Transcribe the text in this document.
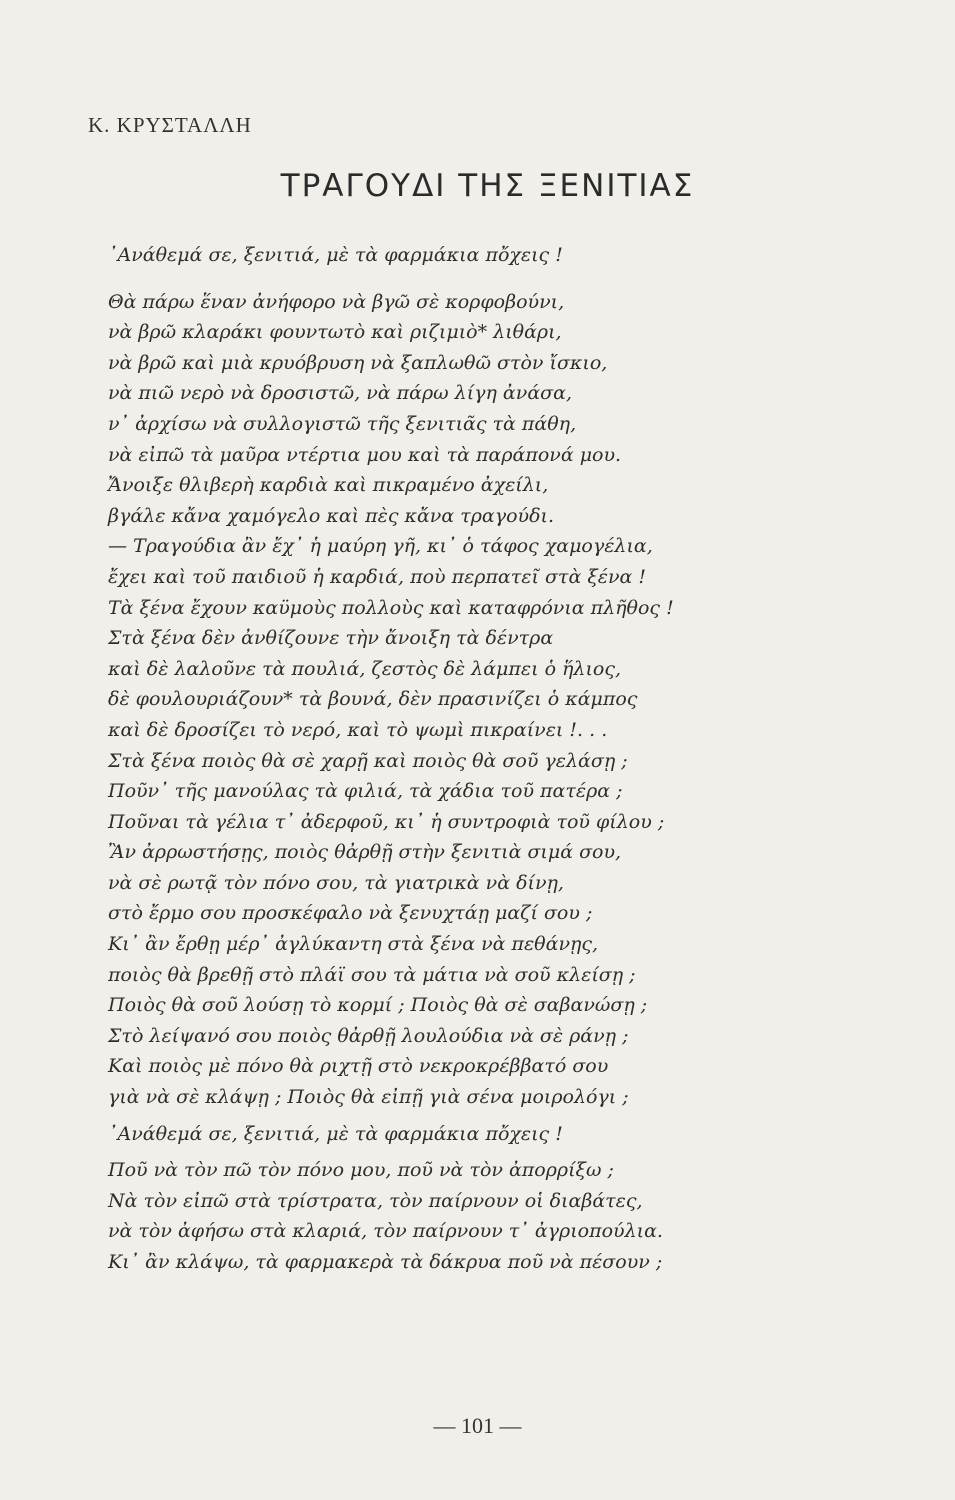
Κ. ΚΡΥΣΤΑΛΛΗ
ΤΡΑΓΟΥΔΙ ΤΗΣ ΞΕΝΙΤΙΑΣ
᾿Ανάθεμά σε, ξενιτιά, μὲ τὰ φαρμάκια πὄχεις !
Θὰ πάρω ἕναν ἀνήφορο νὰ βγῶ σὲ κορφοβούνι,
νὰ βρῶ κλαράκι φουντωτὸ καὶ ριζιμιὸ* λιθάρι,
νὰ βρῶ καὶ μιὰ κρυόβρυση νὰ ξαπλωθῶ στὸν ἴσκιο,
νὰ πιῶ νερὸ νὰ δροσιστῶ, νὰ πάρω λίγη ἀνάσα,
ν᾿ ἀρχίσω νὰ συλλογιστῶ τῆς ξενιτιᾶς τὰ πάθη,
νὰ εἰπῶ τὰ μαῦρα ντέρτια μου καὶ τὰ παράπονά μου.
Ἄνοιξε θλιβερὴ καρδιὰ καὶ πικραμένο ἀχείλι,
βγάλε κἄνα χαμόγελο καὶ πὲς κἄνα τραγούδι.
— Τραγούδια ἂν ἔχ᾿ ἡ μαύρη γῆ, κι᾿ ὁ τάφος χαμογέλια,
ἔχει καὶ τοῦ παιδιοῦ ἡ καρδιά, ποὺ περπατεῖ στὰ ξένα !
Τὰ ξένα ἔχουν καϋμοὺς πολλοὺς καὶ καταφρόνια πλῆθος !
Στὰ ξένα δὲν ἀνθίζουνε τὴν ἄνοιξη τὰ δέντρα
καὶ δὲ λαλοῦνε τὰ πουλιά, ζεστὸς δὲ λάμπει ὁ ἥλιος,
δὲ φουλουριάζουν* τὰ βουνά, δὲν πρασινίζει ὁ κάμπος
καὶ δὲ δροσίζει τὸ νερό, καὶ τὸ ψωμὶ πικραίνει !. . .
Στὰ ξένα ποιὸς θὰ σὲ χαρῇ καὶ ποιὸς θὰ σοῦ γελάσῃ ;
Ποῦν᾿ τῆς μανούλας τὰ φιλιά, τὰ χάδια τοῦ πατέρα ;
Ποῦναι τὰ γέλια τ᾿ ἀδερφοῦ, κι᾿ ἡ συντροφιὰ τοῦ φίλου ;
Ἂν ἀρρωστήσῃς, ποιὸς θἀρθῇ στὴν ξενιτιὰ σιμά σου,
νὰ σὲ ρωτᾷ τὸν πόνο σου, τὰ γιατρικὰ νὰ δίνῃ,
στὸ ἔρμο σου προσκέφαλο νὰ ξενυχτάῃ μαζί σου ;
Κι᾿ ἂν ἔρθῃ μέρ᾿ ἀγλύκαντη στὰ ξένα νὰ πεθάνῃς,
ποιὸς θὰ βρεθῇ στὸ πλάϊ σου τὰ μάτια νὰ σοῦ κλείσῃ ;
Ποιὸς θὰ σοῦ λούσῃ τὸ κορμί ; Ποιὸς θὰ σὲ σαβανώσῃ ;
Στὸ λείψανό σου ποιὸς θἀρθῇ λουλούδια νὰ σὲ ράνῃ ;
Καὶ ποιὸς μὲ πόνο θὰ ριχτῇ στὸ νεκροκρέββατό σου
γιὰ νὰ σὲ κλάψῃ ; Ποιὸς θὰ εἰπῇ γιὰ σένα μοιρολόγι ;
᾿Ανάθεμά σε, ξενιτιά, μὲ τὰ φαρμάκια πὄχεις !
Ποῦ νὰ τὸν πῶ τὸν πόνο μου, ποῦ νὰ τὸν ἀπορρίξω ;
Νὰ τὸν εἰπῶ στὰ τρίστρατα, τὸν παίρνουν οἱ διαβάτες,
νὰ τὸν ἀφήσω στὰ κλαριά, τὸν παίρνουν τ᾿ ἀγριοπούλια.
Κι᾿ ἂν κλάψω, τὰ φαρμακερὰ τὰ δάκρυα ποῦ νὰ πέσουν ;
— 101 —
